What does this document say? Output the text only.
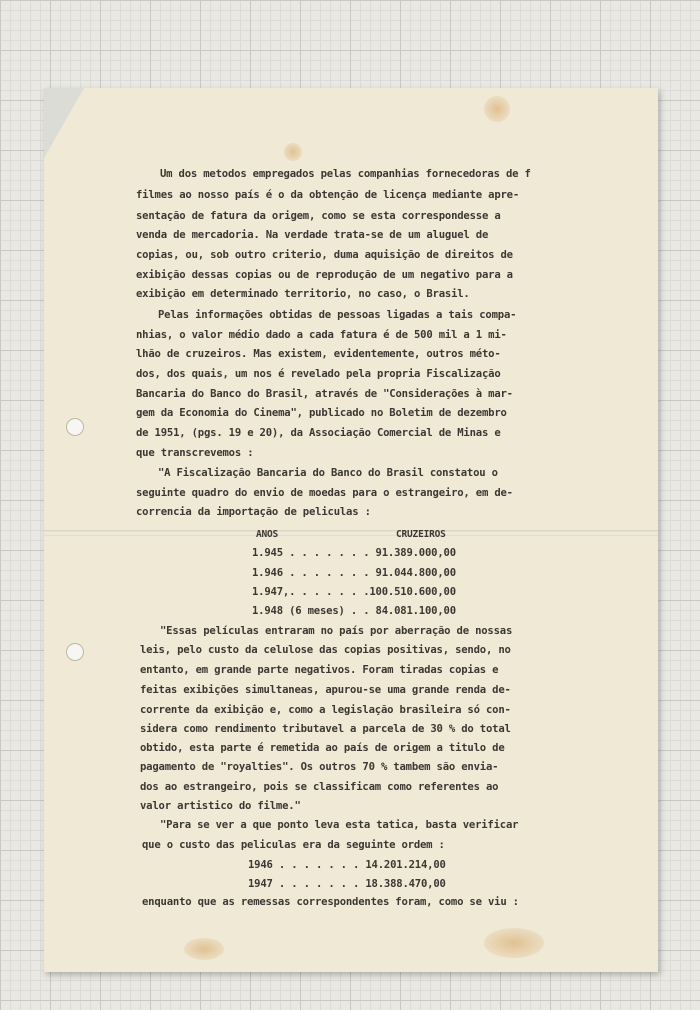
Um dos metodos empregados pelas companhias fornecedoras de f
filmes ao nosso país é o da obtenção de licença mediante apre-
sentação de fatura da origem, como se esta correspondesse a
venda de mercadoria. Na verdade trata-se de um aluguel de
copias, ou, sob outro criterio, duma aquisição de direitos de
exibição dessas copias ou de reprodução de um negativo para a
exibição em determinado territorio, no caso, o Brasil.
Pelas informações obtidas de pessoas ligadas a tais compa-
nhias, o valor médio dado a cada fatura é de 500 mil a 1 mi-
lhão de cruzeiros. Mas existem, evidentemente, outros méto-
dos, dos quais, um nos é revelado pela propria Fiscalização
Bancaria do Banco do Brasil, através de "Considerações à mar-
gem da Economia do Cinema", publicado no Boletim de dezembro
de 1951, (pgs. 19 e 20), da Associação Comercial de Minas e
que transcrevemos :
"A Fiscalização Bancaria do Banco do Brasil constatou o
seguinte quadro do envio de moedas para o estrangeiro, em de-
correncia da importação de peliculas :
ANOS	CRUZEIROS
1.945 . . . . . . . 91.389.000,00
1.946 . . . . . . . 91.044.800,00
1.947,. . . . . . .100.510.600,00
1.948 (6 meses) . . 84.081.100,00
"Essas películas entraram no país por aberração de nossas
leis, pelo custo da celulose das copias positivas, sendo, no
entanto, em grande parte negativos. Foram tiradas copias e
feitas exibições simultaneas, apurou-se uma grande renda de-
corrente da exibição e, como a legislação brasileira só con-
sidera como rendimento tributavel a parcela de 30 % do total
obtido, esta parte é remetida ao país de origem a titulo de
pagamento de "royalties". Os outros 70 % tambem são envia-
dos ao estrangeiro, pois se classificam como referentes ao
valor artistico do filme."
"Para se ver a que ponto leva esta tatica, basta verificar
que o custo das peliculas era da seguinte ordem :
1946 . . . . . . . 14.201.214,00
1947 . . . . . . . 18.388.470,00
enquanto que as remessas correspondentes foram, como se viu :
